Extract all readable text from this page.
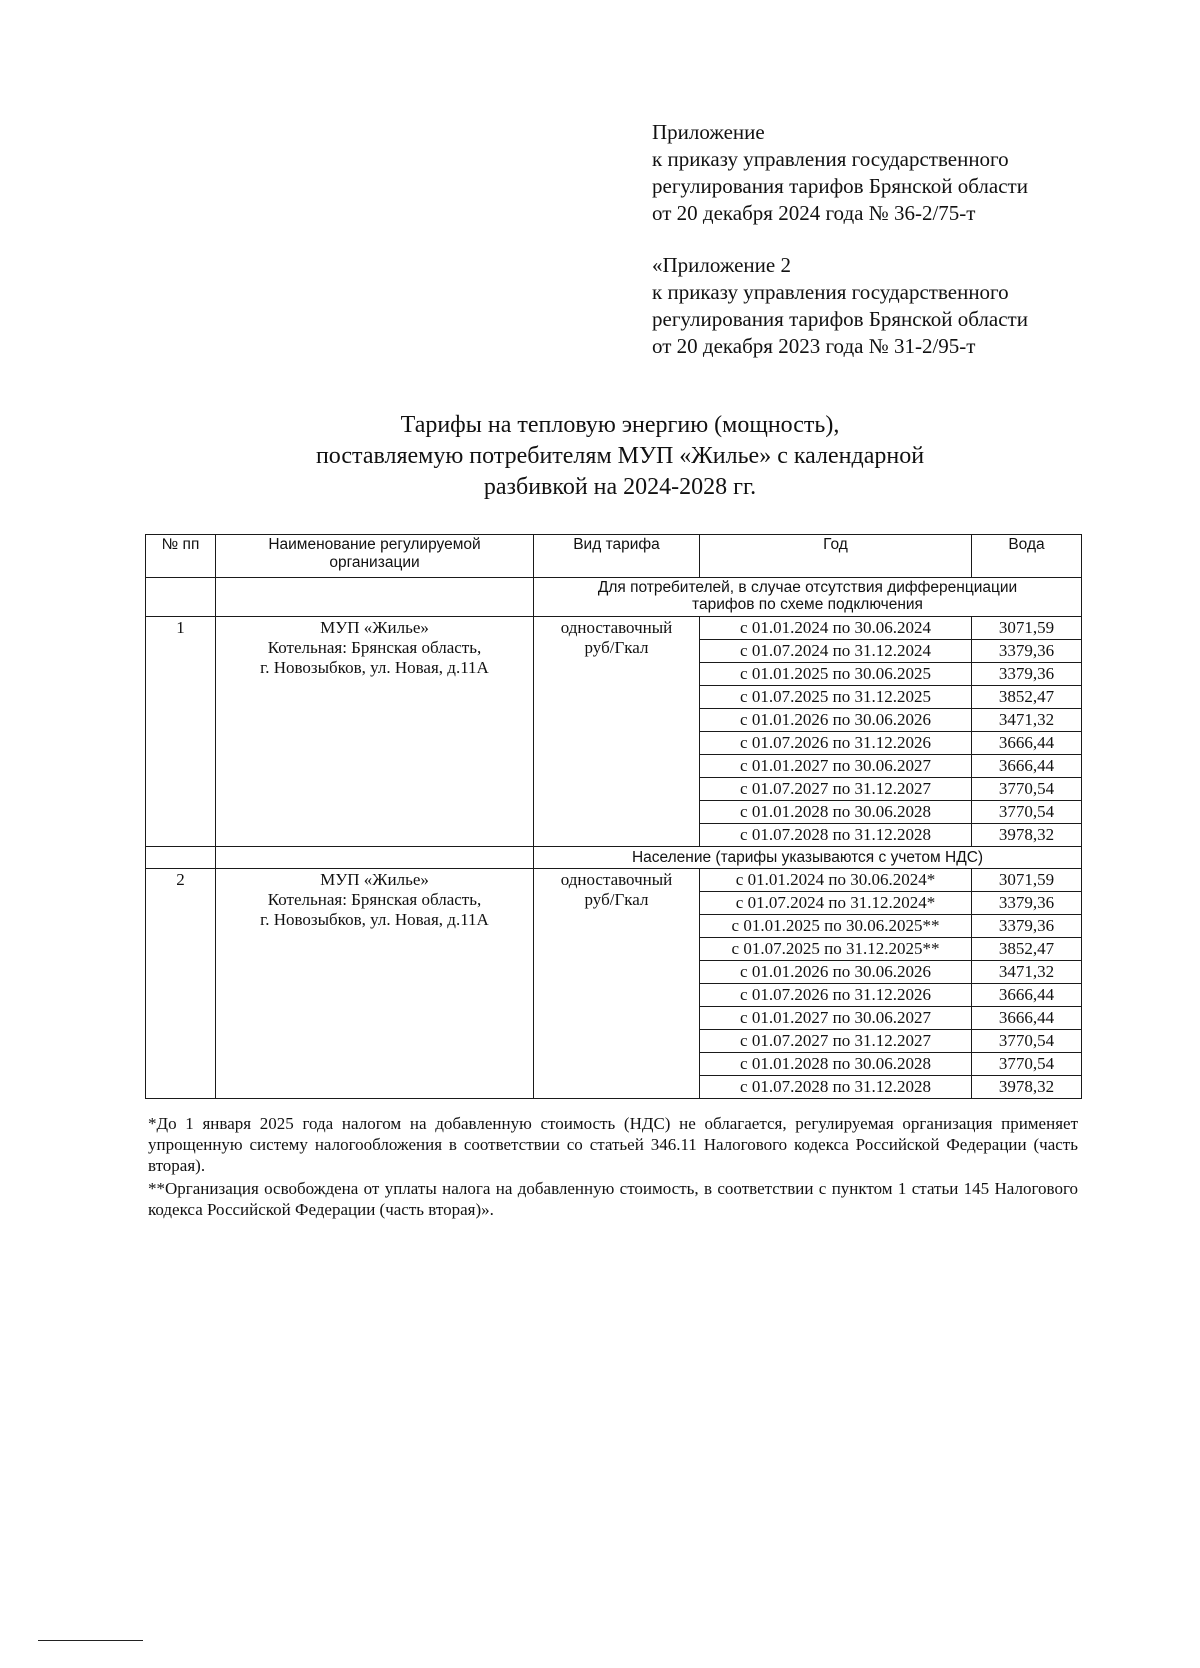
Приложение
к приказу управления государственного
регулирования тарифов Брянской области
от 20 декабря 2024 года № 36-2/75-т
«Приложение 2
к приказу управления государственного
регулирования тарифов Брянской области
от 20 декабря 2023 года № 31-2/95-т
Тарифы на тепловую энергию (мощность),
поставляемую потребителям МУП «Жилье» с календарной
разбивкой на 2024-2028 гг.
№ пп	Наименование регулируемой
организации	Вид тарифа	Год	Вода

		Для потребителей, в случае отсутствия дифференциации
тарифов по схеме подключения		

1	МУП «Жилье»
Котельная: Брянская область,
г. Новозыбков, ул. Новая, д.11А	одноставочный
руб/Гкал	с 01.01.2024 по 30.06.2024	3071,59
			с 01.07.2024 по 31.12.2024	3379,36
			с 01.01.2025 по 30.06.2025	3379,36
			с 01.07.2025 по 31.12.2025	3852,47
			с 01.01.2026 по 30.06.2026	3471,32
			с 01.07.2026 по 31.12.2026	3666,44
			с 01.01.2027 по 30.06.2027	3666,44
			с 01.07.2027 по 31.12.2027	3770,54
			с 01.01.2028 по 30.06.2028	3770,54
			с 01.07.2028 по 31.12.2028	3978,32
		Население (тарифы указываются с учетом НДС)		
2	МУП «Жилье»
Котельная: Брянская область,
г. Новозыбков, ул. Новая, д.11А	одноставочный
руб/Гкал	с 01.01.2024 по 30.06.2024*	3071,59
			с 01.07.2024 по 31.12.2024*	3379,36
			с 01.01.2025 по 30.06.2025**	3379,36
			с 01.07.2025 по 31.12.2025**	3852,47
			с 01.01.2026 по 30.06.2026	3471,32
			с 01.07.2026 по 31.12.2026	3666,44
			с 01.01.2027 по 30.06.2027	3666,44
			с 01.07.2027 по 31.12.2027	3770,54
			с 01.01.2028 по 30.06.2028	3770,54
			с 01.07.2028 по 31.12.2028	3978,32

*До 1 января 2025 года налогом на добавленную стоимость (НДС) не облагается, регулируемая организация применяет упрощенную систему налогообложения в соответствии со статьей 346.11 Налогового кодекса Российской Федерации (часть вторая).

**Организация освобождена от уплаты налога на добавленную стоимость, в соответствии с пунктом 1 статьи 145 Налогового кодекса Российской Федерации (часть вторая)».
